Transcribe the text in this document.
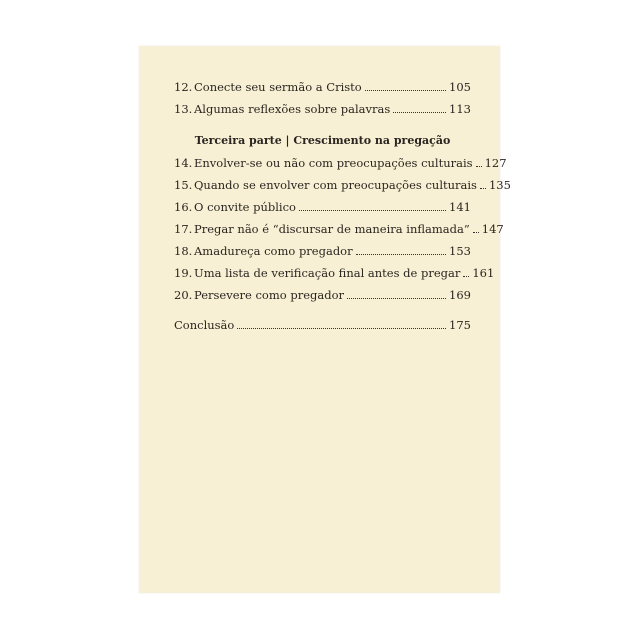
12. Conecte seu sermão a Cristo	105
13. Algumas reflexões sobre palavras	113
Terceira parte | Crescimento na pregação
14. Envolver-se ou não com preocupações culturais 127
15. Quando se envolver com preocupações culturais 135
16. O convite público	141
17. Pregar não é “discursar de maneira inflamada” 147
18. Amadureça como pregador	153
19. Uma lista de verificação final antes de pregar 161
20. Persevere como pregador	169
Conclusão	175
